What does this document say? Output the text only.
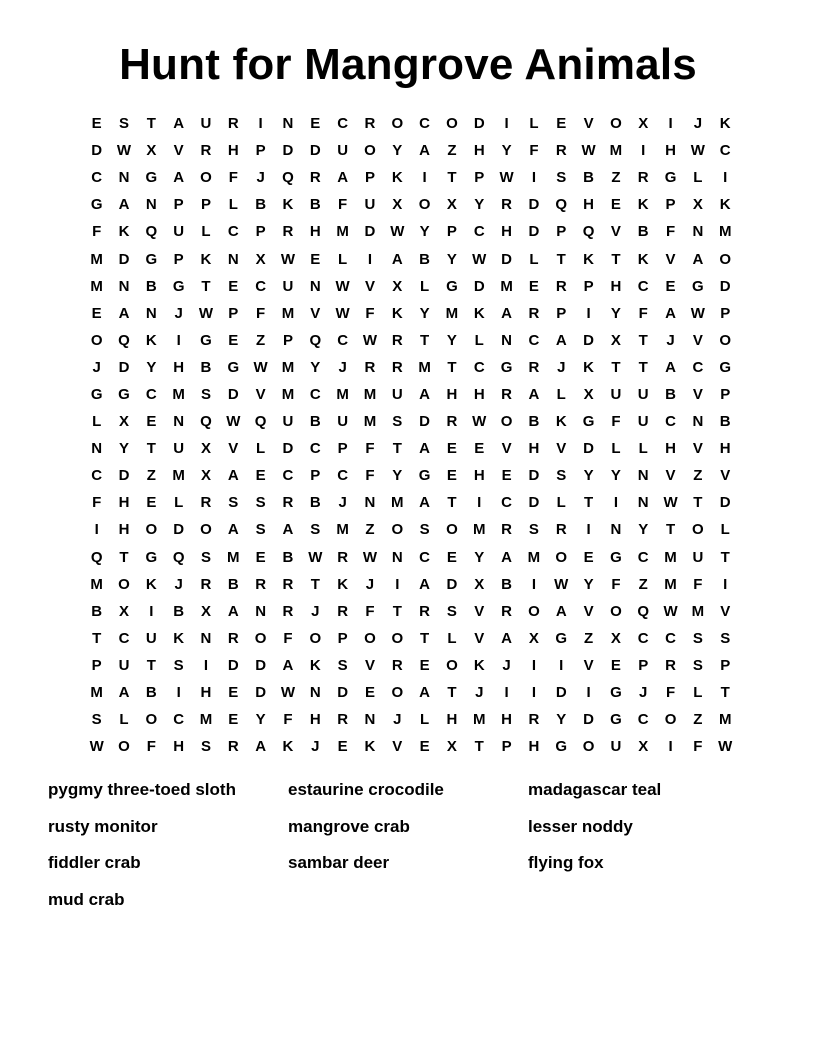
Hunt for Mangrove Animals
E	S	T	A	U	R	I	N	E	C	R	O	C	O	D	I	L	E	V	O	X	I	J	K
D W	X	V	R	H	P	D	D	U	O	Y	A	Z	H	Y	F	R W M	I	H W C
C	N	G	A	O	F	J	Q	R	A	P	K	I	T	P	W	I	S	B	Z	R	G	L	I
G	A	N	P	P	L	B	K	B	F	U	X	O	X	Y	R	D	Q	H	E	K	P	X	K
F	K	Q	U	L	C	P	R	H	M	D W	Y	P	C	H	D	P	Q	V	B	F	N	M
M	D	G	P	K	N	X	W	E	L	I	A	B	Y	W D	L	T	K	T	K	V	A	O
M	N	B	G	T	E	C	U	N W	V	X	L	G	D	M	E	R	P	H	C	E	G	D
E	A	N	J	W	P	F	M	V	W	F	K	Y	M	K	A	R	P	I	Y	F	A W	P
O	Q	K	I	G	E	Z	P	Q	C W R	T	Y	L	N	C	A	D	X	T	J	V	O
J	D	Y	H	B	G W M	Y	J	R	R	M	T	C	G	R	J	K	T	T	A	C	G
G	G	C	M	S	D	V	M	C	M M	U	A	H	H	R	A	L	X	U	U	B	V	P
L	X	E	N	Q W Q	U	B	U	M	S	D	R W O	B	K	G	F	U	C	N	B
N	Y	T	U	X	V	L	D	C	P	F	T	A	E	E	V	H	V	D	L	L	H	V	H
C	D	Z	M	X	A	E	C	P	C	F	Y	G	E	H	E	D	S	Y	Y	N	V	Z	V
F	H	E	L	R	S	S	R	B	J	N	M	A	T	I	C	D	L	T	I	N W	T	D
I	H	O	D	O	A	S	A	S	M	Z	O	S	O	M	R	S	R	I	N	Y	T	O	L
Q	T	G	Q	S	M	E	B W R W N	C	E	Y	A	M	O	E	G	C	M	U	T
M	O	K	J	R	B	R	R	T	K	J	I	A	D	X	B	I	W	Y	F	Z	M	F	I
B	X	I	B	X	A	N	R	J	R	F	T	R	S	V	R	O	A	V	O	Q W M	V
T	C	U	K	N	R	O	F	O	P	O	O	T	L	V	A	X	G	Z	X	C	C	S	S
P	U	T	S	I	D	D	A	K	S	V	R	E	O	K	J	I	I	V	E	P	R	S	P
M	A	B	I	H	E	D W N	D	E	O	A	T	J	I	I	D	I	G	J	F	L	T
S	L	O	C	M	E	Y	F	H	R	N	J	L	H	M	H	R	Y	D	G	C	O	Z	M
W O	F	H	S	R	A	K	J	E	K	V	E	X	T	P	H	G	O	U	X	I	F	W
pygmy three-toed sloth	estaurine crocodile	madagascar teal
rusty monitor	mangrove crab	lesser noddy
fiddler crab	sambar deer	flying fox
mud crab
